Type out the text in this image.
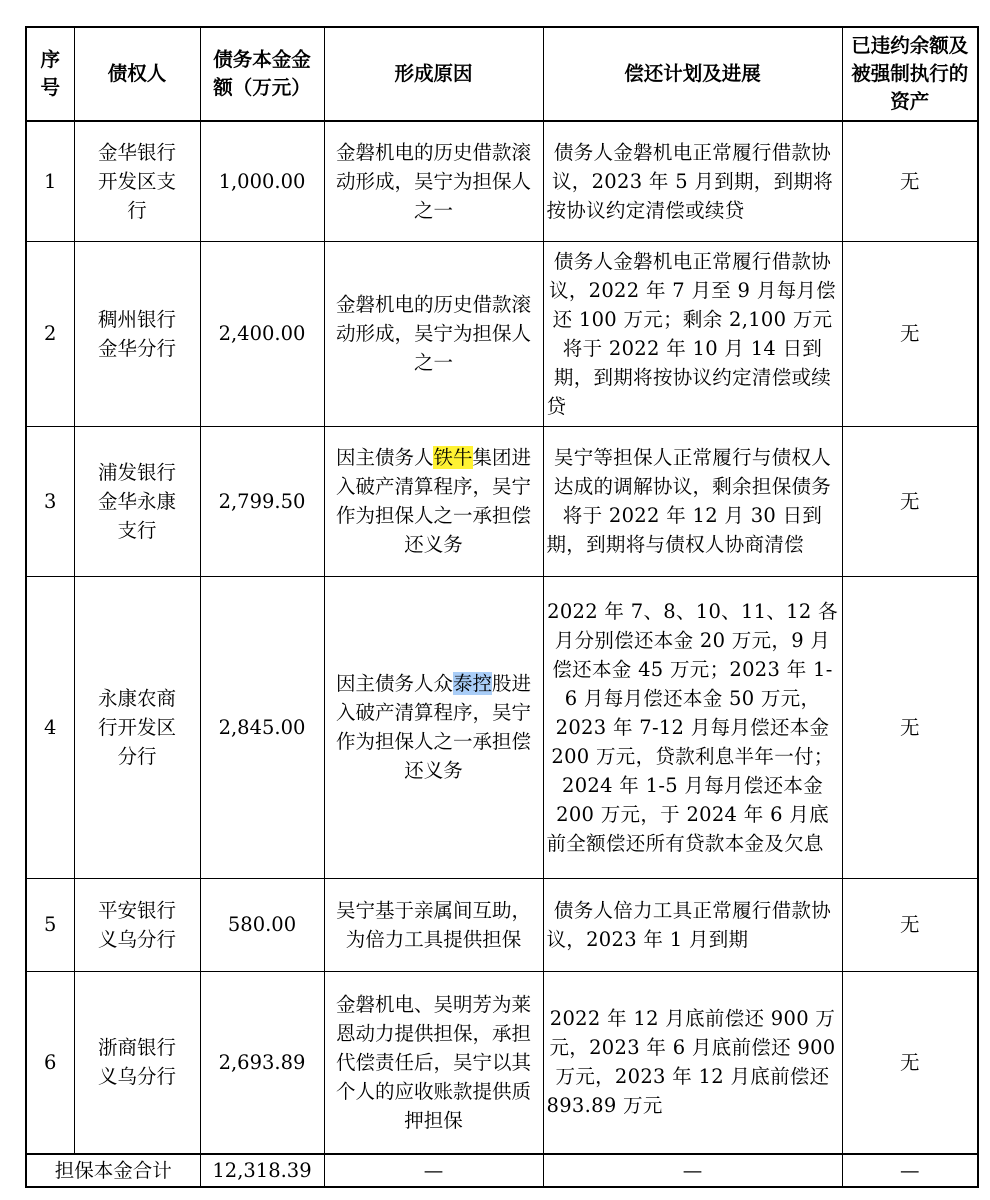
序号	债权人	债务本金金额（万元）	形成原因	偿还计划及进展	已违约余额及被强制执行的资产
1	金华银行开发区支行	1,000.00	金磐机电的历史借款滚动形成，吴宁为担保人之一	债务人金磐机电正常履行借款协议，2023 年 5 月到期，到期将按协议约定清偿或续贷	无
2	稠州银行金华分行	2,400.00	金磐机电的历史借款滚动形成，吴宁为担保人之一	债务人金磐机电正常履行借款协议，2022 年 7 月至 9 月每月偿还 100 万元；剩余 2,100 万元将于 2022 年 10 月 14 日到期，到期将按协议约定清偿或续贷	无
3	浦发银行金华永康支行	2,799.50	因主债务人铁牛集团进入破产清算程序，吴宁作为担保人之一承担偿还义务	吴宁等担保人正常履行与债权人达成的调解协议，剩余担保债务将于 2022 年 12 月 30 日到期，到期将与债权人协商清偿	无
4	永康农商行开发区分行	2,845.00	因主债务人众泰控股进入破产清算程序，吴宁作为担保人之一承担偿还义务	2022 年 7、8、10、11、12 各月分别偿还本金 20 万元，9 月偿还本金 45 万元；2023 年 1-6 月每月偿还本金 50 万元，2023 年 7-12 月每月偿还本金 200 万元，贷款利息半年一付；2024 年 1-5 月每月偿还本金 200 万元，于 2024 年 6 月底前全额偿还所有贷款本金及欠息	无
5	平安银行义乌分行	580.00	吴宁基于亲属间互助，为倍力工具提供担保	债务人倍力工具正常履行借款协议，2023 年 1 月到期	无
6	浙商银行义乌分行	2,693.89	金磐机电、吴明芳为莱恩动力提供担保，承担代偿责任后，吴宁以其个人的应收账款提供质押担保	2022 年 12 月底前偿还 900 万元，2023 年 6 月底前偿还 900 万元，2023 年 12 月底前偿还 893.89 万元	无
担保本金合计		12,318.39	—	—	—
